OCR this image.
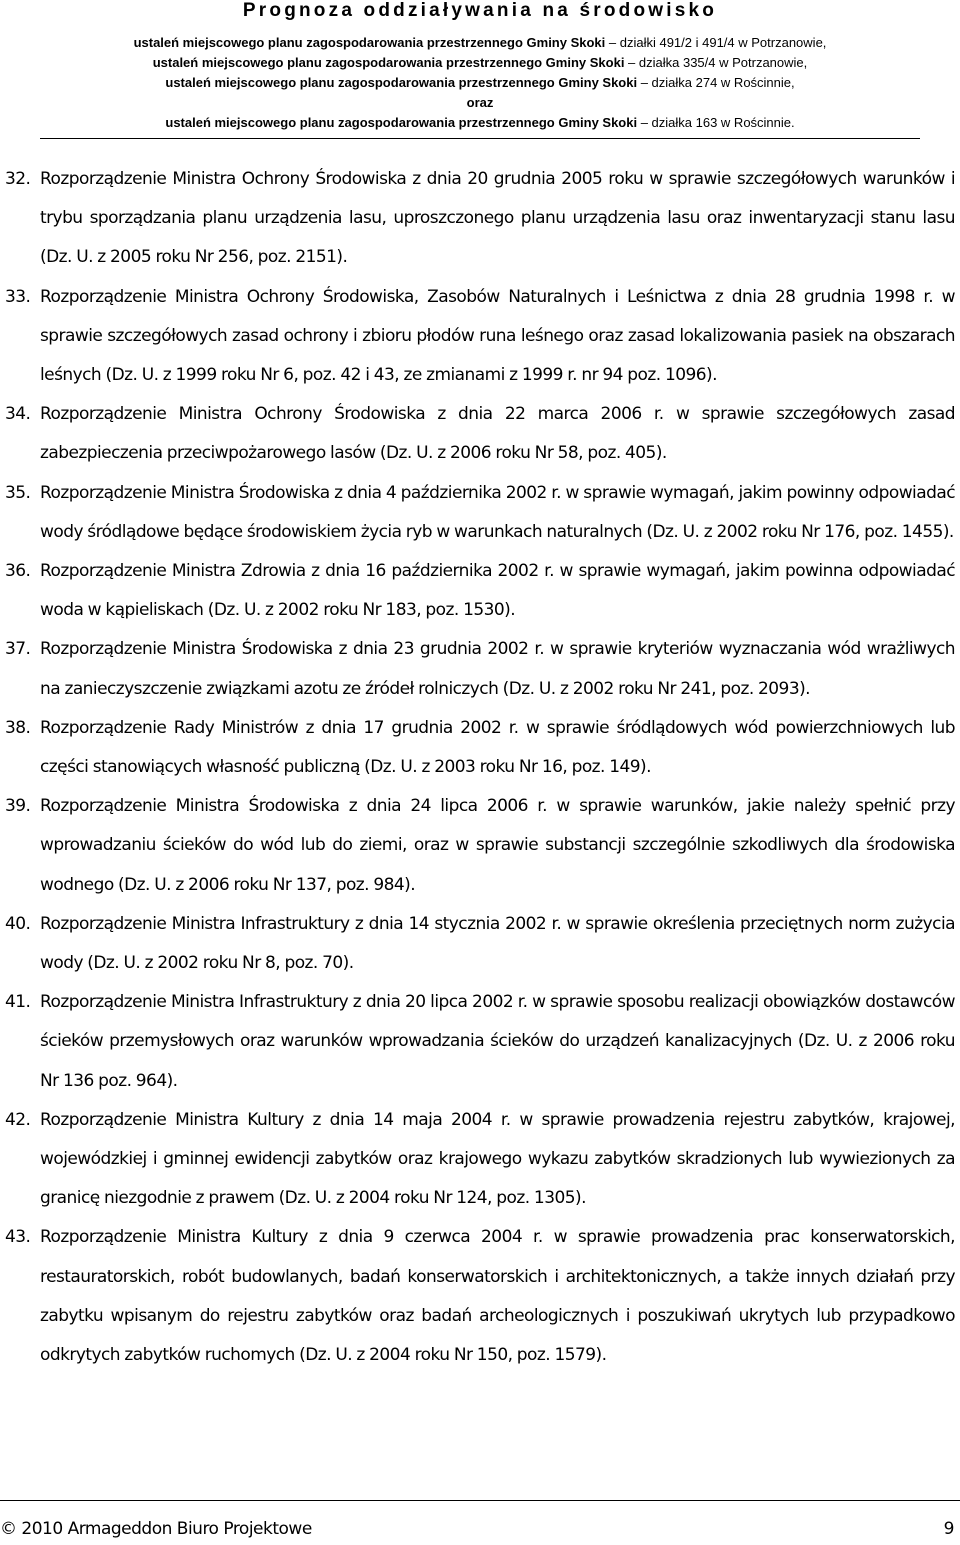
Prognoza oddziaływania na środowisko
ustaleń miejscowego planu zagospodarowania przestrzennego Gminy Skoki – działki 491/2 i 491/4 w Potrzanowie,
ustaleń miejscowego planu zagospodarowania przestrzennego Gminy Skoki – działka 335/4 w Potrzanowie,
ustaleń miejscowego planu zagospodarowania przestrzennego Gminy Skoki – działka 274 w Rościnnie,
oraz
ustaleń miejscowego planu zagospodarowania przestrzennego Gminy Skoki – działka 163 w Rościnnie.
32. Rozporządzenie Ministra Ochrony Środowiska z dnia 20 grudnia 2005 roku w sprawie szczegółowych warunków i trybu sporządzania planu urządzenia lasu, uproszczonego planu urządzenia lasu oraz inwentaryzacji stanu lasu (Dz. U. z 2005 roku Nr 256, poz. 2151).
33. Rozporządzenie Ministra Ochrony Środowiska, Zasobów Naturalnych i Leśnictwa z dnia 28 grudnia 1998 r. w sprawie szczegółowych zasad ochrony i zbioru płodów runa leśnego oraz zasad lokalizowania pasiek na obszarach leśnych (Dz. U. z 1999 roku Nr 6, poz. 42 i 43, ze zmianami z 1999 r. nr 94 poz. 1096).
34. Rozporządzenie Ministra Ochrony Środowiska z dnia 22 marca 2006 r. w sprawie szczegółowych zasad zabezpieczenia przeciwpożarowego lasów (Dz. U. z 2006 roku Nr 58, poz. 405).
35. Rozporządzenie Ministra Środowiska z dnia 4 października 2002 r. w sprawie wymagań, jakim powinny odpowiadać wody śródlądowe będące środowiskiem życia ryb w warunkach naturalnych (Dz. U. z 2002 roku Nr 176, poz. 1455).
36. Rozporządzenie Ministra Zdrowia z dnia 16 października 2002 r. w sprawie wymagań, jakim powinna odpowiadać woda w kąpieliskach (Dz. U. z 2002 roku Nr 183, poz. 1530).
37. Rozporządzenie Ministra Środowiska z dnia 23 grudnia 2002 r. w sprawie kryteriów wyznaczania wód wrażliwych na zanieczyszczenie związkami azotu ze źródeł rolniczych (Dz. U. z 2002 roku Nr 241, poz. 2093).
38. Rozporządzenie Rady Ministrów z dnia 17 grudnia 2002 r. w sprawie śródlądowych wód powierzchniowych lub części stanowiących własność publiczną (Dz. U. z 2003 roku Nr 16, poz. 149).
39. Rozporządzenie Ministra Środowiska z dnia 24 lipca 2006 r. w sprawie warunków, jakie należy spełnić przy wprowadzaniu ścieków do wód lub do ziemi, oraz w sprawie substancji szczególnie szkodliwych dla środowiska wodnego (Dz. U. z 2006 roku Nr 137, poz. 984).
40. Rozporządzenie Ministra Infrastruktury z dnia 14 stycznia 2002 r. w sprawie określenia przeciętnych norm zużycia wody (Dz. U. z 2002 roku Nr 8, poz. 70).
41. Rozporządzenie Ministra Infrastruktury z dnia 20 lipca 2002 r. w sprawie sposobu realizacji obowiązków dostawców ścieków przemysłowych oraz warunków wprowadzania ścieków do urządzeń kanalizacyjnych (Dz. U. z 2006 roku Nr 136 poz. 964).
42. Rozporządzenie Ministra Kultury z dnia 14 maja 2004 r. w sprawie prowadzenia rejestru zabytków, krajowej, wojewódzkiej i gminnej ewidencji zabytków oraz krajowego wykazu zabytków skradzionych lub wywiezionych za granicę niezgodnie z prawem (Dz. U. z 2004 roku Nr 124, poz. 1305).
43. Rozporządzenie Ministra Kultury z dnia 9 czerwca 2004 r. w sprawie prowadzenia prac konserwatorskich, restauratorskich, robót budowlanych, badań konserwatorskich i architektonicznych, a także innych działań przy zabytku wpisanym do rejestru zabytków oraz badań archeologicznych i poszukiwań ukrytych lub przypadkowo odkrytych zabytków ruchomych (Dz. U. z 2004 roku Nr 150, poz. 1579).
© 2010 Armageddon Biuro Projektowe	9
